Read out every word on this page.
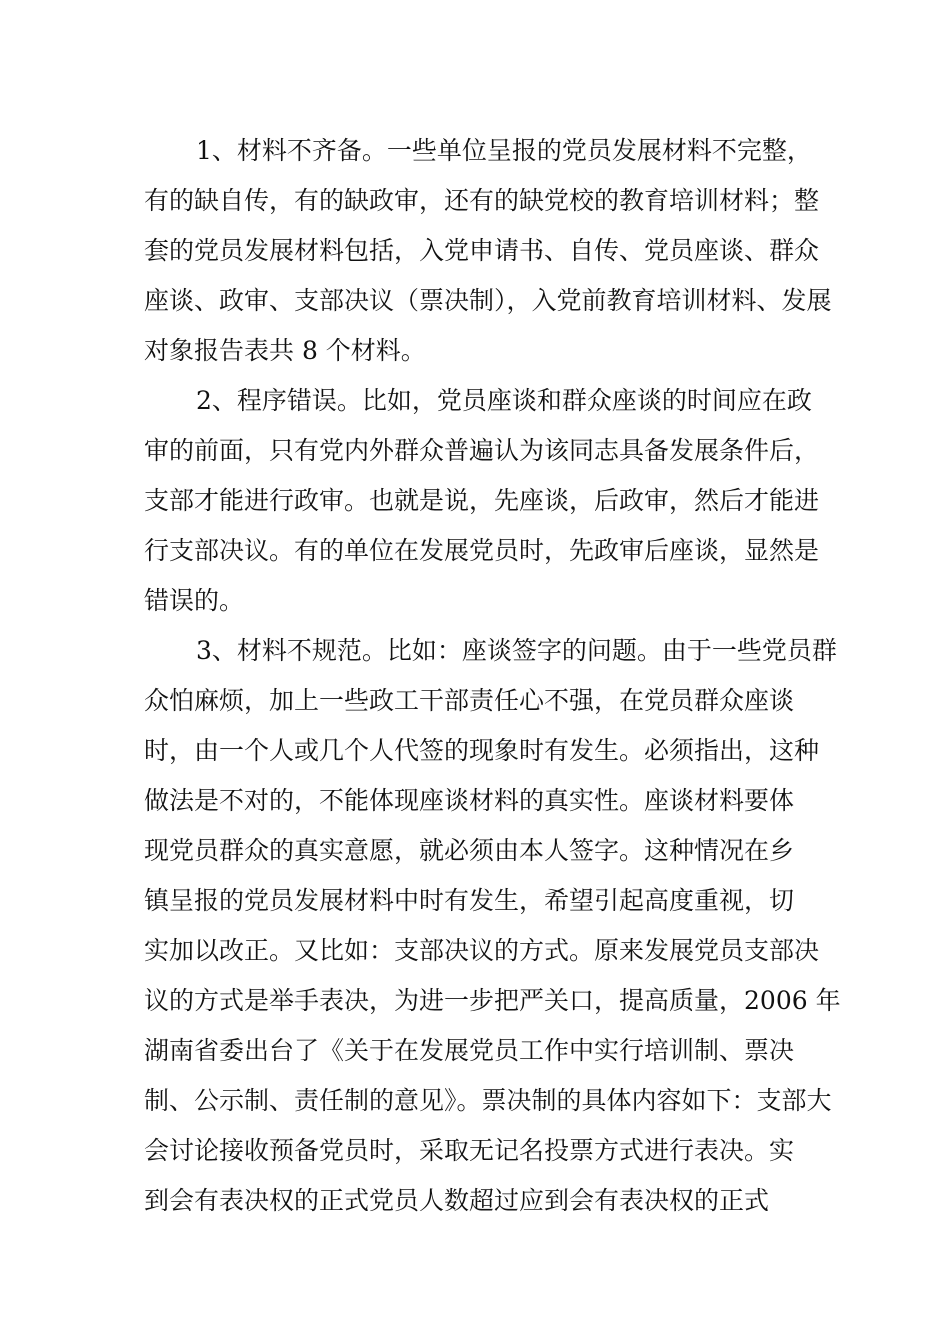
1、材料不齐备。一些单位呈报的党员发展材料不完整，
有的缺自传，有的缺政审，还有的缺党校的教育培训材料；整
套的党员发展材料包括，入党申请书、自传、党员座谈、群众
座谈、政审、支部决议（票决制），入党前教育培训材料、发展
对象报告表共 8 个材料。
2、程序错误。比如，党员座谈和群众座谈的时间应在政
审的前面，只有党内外群众普遍认为该同志具备发展条件后，
支部才能进行政审。也就是说，先座谈，后政审，然后才能进
行支部决议。有的单位在发展党员时，先政审后座谈，显然是
错误的。
3、材料不规范。比如：座谈签字的问题。由于一些党员群
众怕麻烦，加上一些政工干部责任心不强，在党员群众座谈
时，由一个人或几个人代签的现象时有发生。必须指出，这种
做法是不对的，不能体现座谈材料的真实性。座谈材料要体
现党员群众的真实意愿，就必须由本人签字。这种情况在乡
镇呈报的党员发展材料中时有发生，希望引起高度重视，切
实加以改正。又比如：支部决议的方式。原来发展党员支部决
议的方式是举手表决，为进一步把严关口，提高质量，2006 年
湖南省委出台了《关于在发展党员工作中实行培训制、票决
制、公示制、责任制的意见》。票决制的具体内容如下：支部大
会讨论接收预备党员时，采取无记名投票方式进行表决。实
到会有表决权的正式党员人数超过应到会有表决权的正式
